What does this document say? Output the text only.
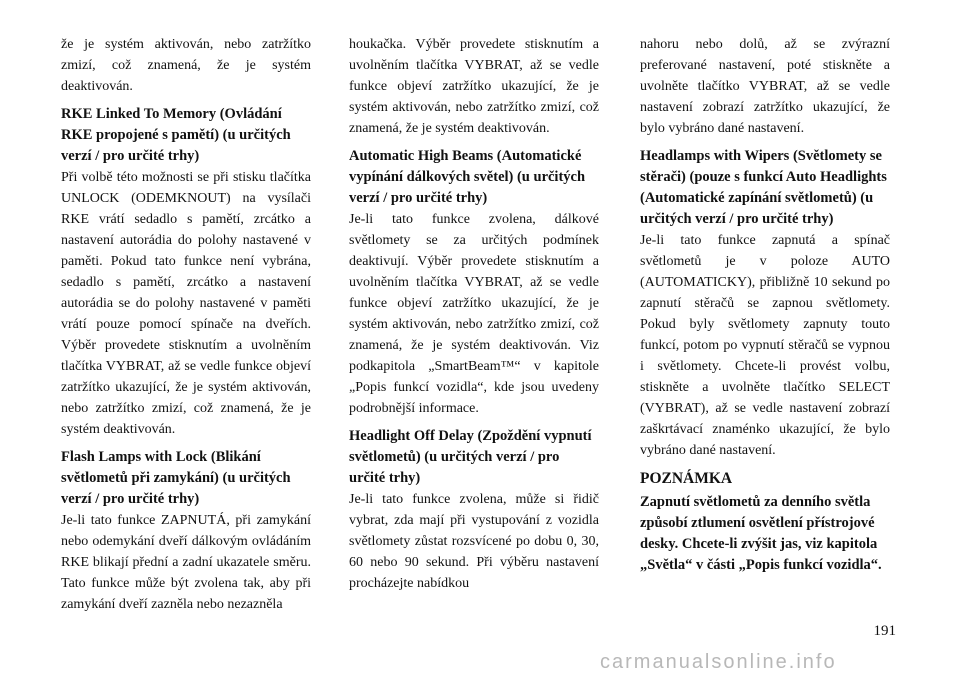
že je systém aktivován, nebo zatržítko zmizí, což znamená, že je systém deaktivován.

RKE Linked To Memory (Ovládání RKE propojené s pamětí) (u určitých verzí / pro určité trhy)

Při volbě této možnosti se při stisku tlačítka UNLOCK (ODEMKNOUT) na vysílači RKE vrátí sedadlo s pamětí, zrcátko a nastavení autorádia do polohy nastavené v paměti. Pokud tato funkce není vybrána, sedadlo s pamětí, zrcátko a nastavení autorádia se do polohy nastavené v paměti vrátí pouze pomocí spínače na dveřích. Výběr provedete stisknutím a uvolněním tlačítka VYBRAT, až se vedle funkce objeví zatržítko ukazující, že je systém aktivován, nebo zatržítko zmizí, což znamená, že je systém deaktivován.

Flash Lamps with Lock (Blikání světlometů při zamykání) (u určitých verzí / pro určité trhy)

Je-li tato funkce ZAPNUTÁ, při zamykání nebo odemykání dveří dálkovým ovládáním RKE blikají přední a zadní ukazatele směru. Tato funkce může být zvolena tak, aby při zamykání dveří zazněla nebo nezazněla

houkačka. Výběr provedete stisknutím a uvolněním tlačítka VYBRAT, až se vedle funkce objeví zatržítko ukazující, že je systém aktivován, nebo zatržítko zmizí, což znamená, že je systém deaktivován.

Automatic High Beams (Automatické vypínání dálkových světel) (u určitých verzí / pro určité trhy)

Je-li tato funkce zvolena, dálkové světlomety se za určitých podmínek deaktivují. Výběr provedete stisknutím a uvolněním tlačítka VYBRAT, až se vedle funkce objeví zatržítko ukazující, že je systém aktivován, nebo zatržítko zmizí, což znamená, že je systém deaktivován. Viz podkapitola „SmartBeam™“ v kapitole „Popis funkcí vozidla“, kde jsou uvedeny podrobnější informace.

Headlight Off Delay (Zpoždění vypnutí světlometů) (u určitých verzí / pro určité trhy)

Je-li tato funkce zvolena, může si řidič vybrat, zda mají při vystupování z vozidla světlomety zůstat rozsvícené po dobu 0, 30, 60 nebo 90 sekund. Při výběru nastavení procházejte nabídkou

nahoru nebo dolů, až se zvýrazní preferované nastavení, poté stiskněte a uvolněte tlačítko VYBRAT, až se vedle nastavení zobrazí zatržítko ukazující, že bylo vybráno dané nastavení.

Headlamps with Wipers (Světlomety se stěrači) (pouze s funkcí Auto Headlights (Automatické zapínání světlometů) (u určitých verzí / pro určité trhy)

Je-li tato funkce zapnutá a spínač světlometů je v poloze AUTO (AUTOMATICKY), přibližně 10 sekund po zapnutí stěračů se zapnou světlomety. Pokud byly světlomety zapnuty touto funkcí, potom po vypnutí stěračů se vypnou i světlomety. Chcete-li provést volbu, stiskněte a uvolněte tlačítko SELECT (VYBRAT), až se vedle nastavení zobrazí zaškrtávací znaménko ukazující, že bylo vybráno dané nastavení.

POZNÁMKA

Zapnutí světlometů za denního světla způsobí ztlumení osvětlení přístrojové desky. Chcete-li zvýšit jas, viz kapitola „Světla“ v části „Popis funkcí vozidla“.

191
carmanualsonline.info
